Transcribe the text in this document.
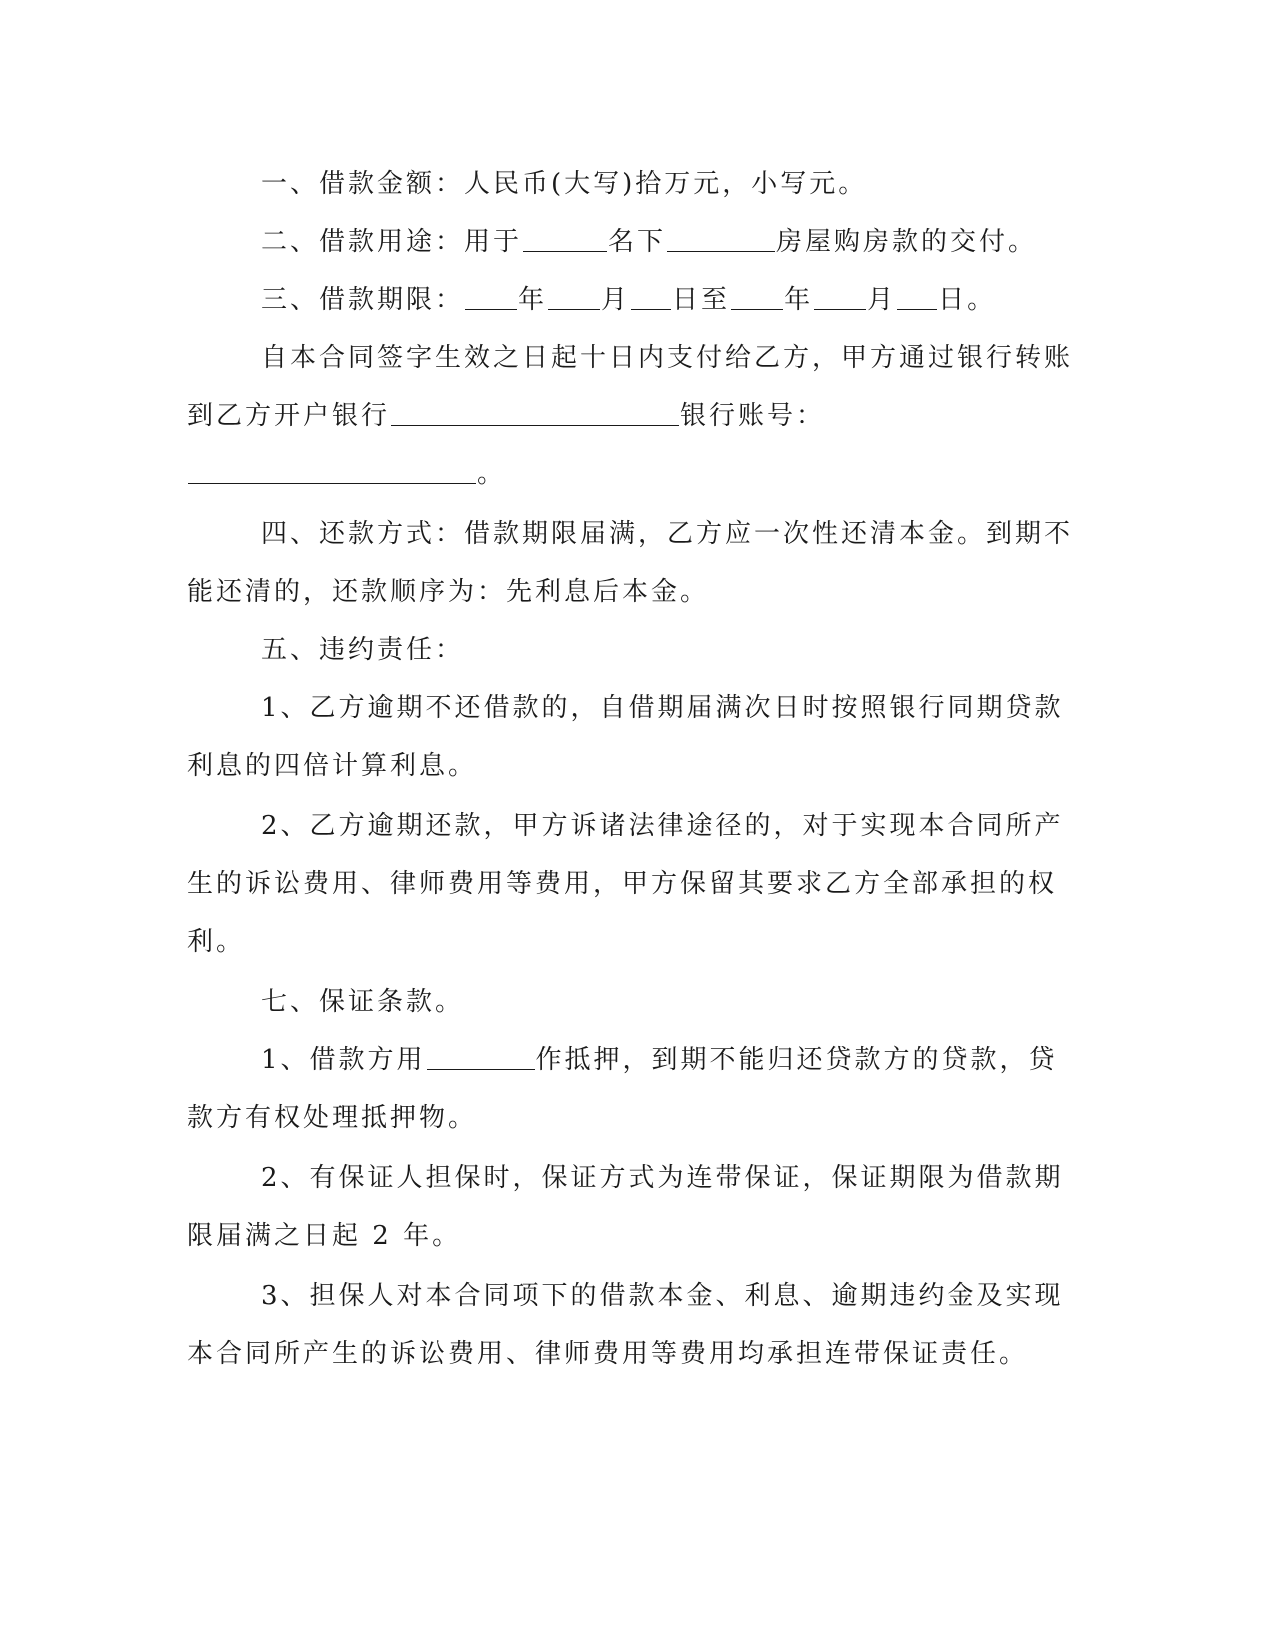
一、借款金额：人民币(大写)拾万元，小写元。
二、借款用途：用于	名下	房屋购房款的交付。
三、借款期限： 年 月 日至 年 月 日。
自本合同签字生效之日起十日内支付给乙方，甲方通过银行转账
到乙方开户银行	银行账号：
。
四、还款方式：借款期限届满，乙方应一次性还清本金。到期不
能还清的，还款顺序为：先利息后本金。
五、违约责任：
1、乙方逾期不还借款的，自借期届满次日时按照银行同期贷款
利息的四倍计算利息。
2、乙方逾期还款，甲方诉诸法律途径的，对于实现本合同所产
生的诉讼费用、律师费用等费用，甲方保留其要求乙方全部承担的权
利。
七、保证条款。
1、借款方用	作抵押，到期不能归还贷款方的贷款，贷
款方有权处理抵押物。
2、有保证人担保时，保证方式为连带保证，保证期限为借款期
限届满之日起 2 年。
3、担保人对本合同项下的借款本金、利息、逾期违约金及实现
本合同所产生的诉讼费用、律师费用等费用均承担连带保证责任。
